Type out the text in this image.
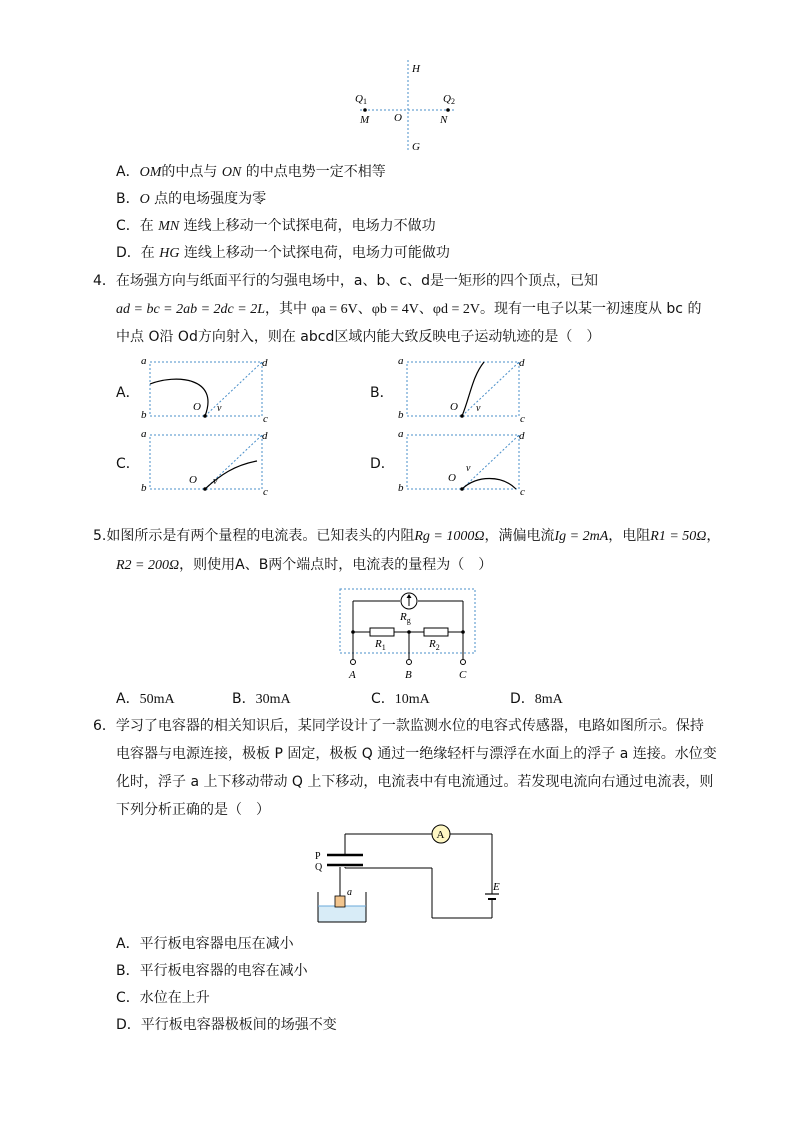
H
G
O
M	N
Q1	Q2
A．OM的中点与 ON 的中点电势一定不相等
B．O 点的电场强度为零
C．在 MN 连线上移动一个试探电荷，电场力不做功
D．在 HG 连线上移动一个试探电荷，电场力可能做功
4．在场强方向与纸面平行的匀强电场中，a、b、c、d是一矩形的四个顶点，已知
ad = bc = 2ab = 2dc = 2L，其中 φa = 6V、φb = 4V、φd = 2V。现有一电子以某一初速度从 bc 的
中点 O沿 Od方向射入，则在 abcd区域内能大致反映电子运动轨迹的是（　）
A．	B．
C．	D．
a
b	c
d
O v
a
b	c
d
O v
a
b	c
d
O v
a
b	c
d
O
v
5.如图所示是有两个量程的电流表。已知表头的内阻Rg = 1000Ω，满偏电流Ig = 2mA，电阻R1 = 50Ω，
R2 = 200Ω，则使用A、B两个端点时，电流表的量程为（　）
$R_g$
$R_1$	$R_2$
A	B	C
A．50mA	B．30mA	C．10mA	D．8mA
6．学习了电容器的相关知识后，某同学设计了一款监测水位的电容式传感器，电路如图所示。保持
电容器与电源连接，极板 P 固定，极板 Q 通过一绝缘轻杆与漂浮在水面上的浮子 a 连接。水位变
化时，浮子 a 上下移动带动 Q 上下移动，电流表中有电流通过。若发现电流向右通过电流表，则
下列分析正确的是（　）
A
E
P
Q
a
A．平行板电容器电压在减小
B．平行板电容器的电容在减小
C．水位在上升
D．平行板电容器极板间的场强不变
